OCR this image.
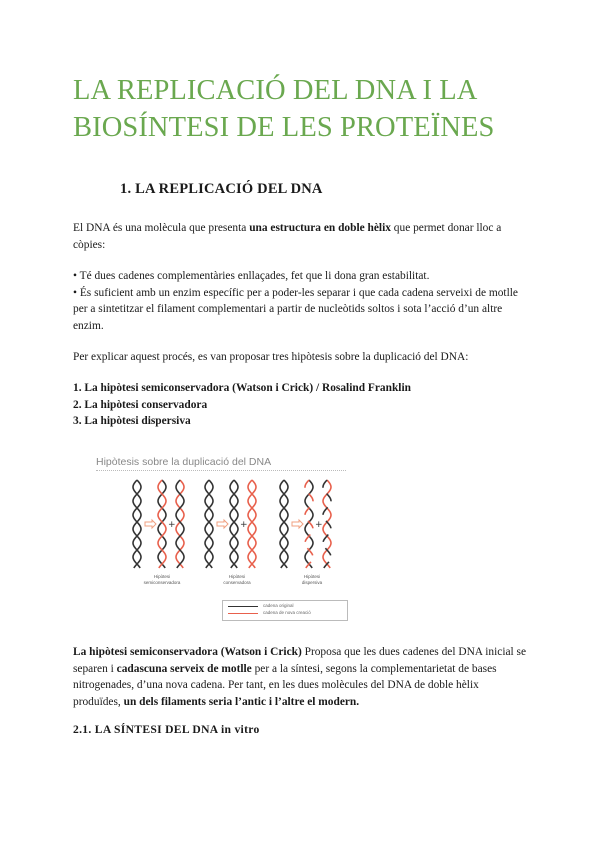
LA REPLICACIÓ DEL DNA I LA
BIOSÍNTESI DE LES PROTEÏNES
1. LA REPLICACIÓ DEL DNA

El DNA és una molècula que presenta una estructura en doble hèlix que permet donar lloc a còpies:

• Té dues cadenes complementàries enllaçades, fet que li dona gran estabilitat.
• És suficient amb un enzim específic per a poder-les separar i que cada cadena serveixi de motlle per a sintetitzar el filament complementari a partir de nucleòtids soltos i sota l’acció d’un altre enzim.

Per explicar aquest procés, es van proposar tres hipòtesis sobre la duplicació del DNA:

1. La hipòtesi semiconservadora (Watson i Crick) / Rosalind Franklin
2. La hipòtesi conservadora
3. La hipòtesi dispersiva
Hipòtesis sobre la duplicació del DNA
+	+	+
Hipòtesi
semiconservadora
Hipòtesi
conservadora
Hipòtesi
dispersiva
cadena original
cadena de nova creació

La hipòtesi semiconservadora (Watson i Crick) Proposa que les dues cadenes del DNA inicial se separen i cadascuna serveix de motlle per a la síntesi, segons la complementarietat de bases nitrogenades, d’una nova cadena. Per tant, en les dues molècules del DNA de doble hèlix produïdes, un dels filaments seria l’antic i l’altre el modern.

2.1. LA SÍNTESI DEL DNA in vitro
